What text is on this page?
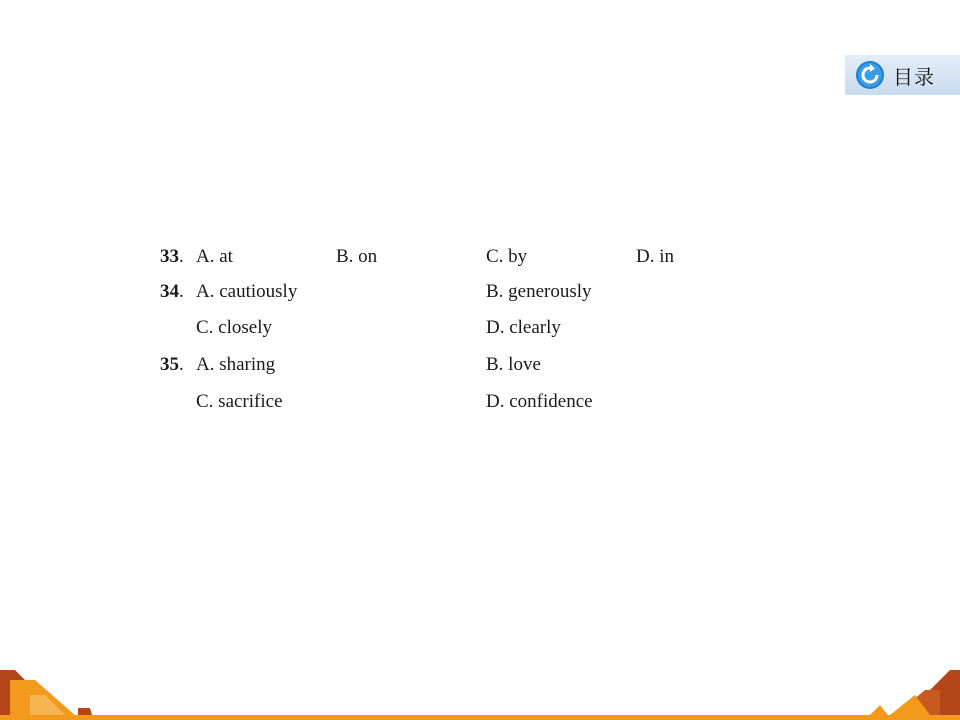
目录
33. A. at	B. on	C. by	D. in
34. A. cautiously	B. generously
C. closely	D. clearly
35. A. sharing	B. love
C. sacrifice	D. confidence
